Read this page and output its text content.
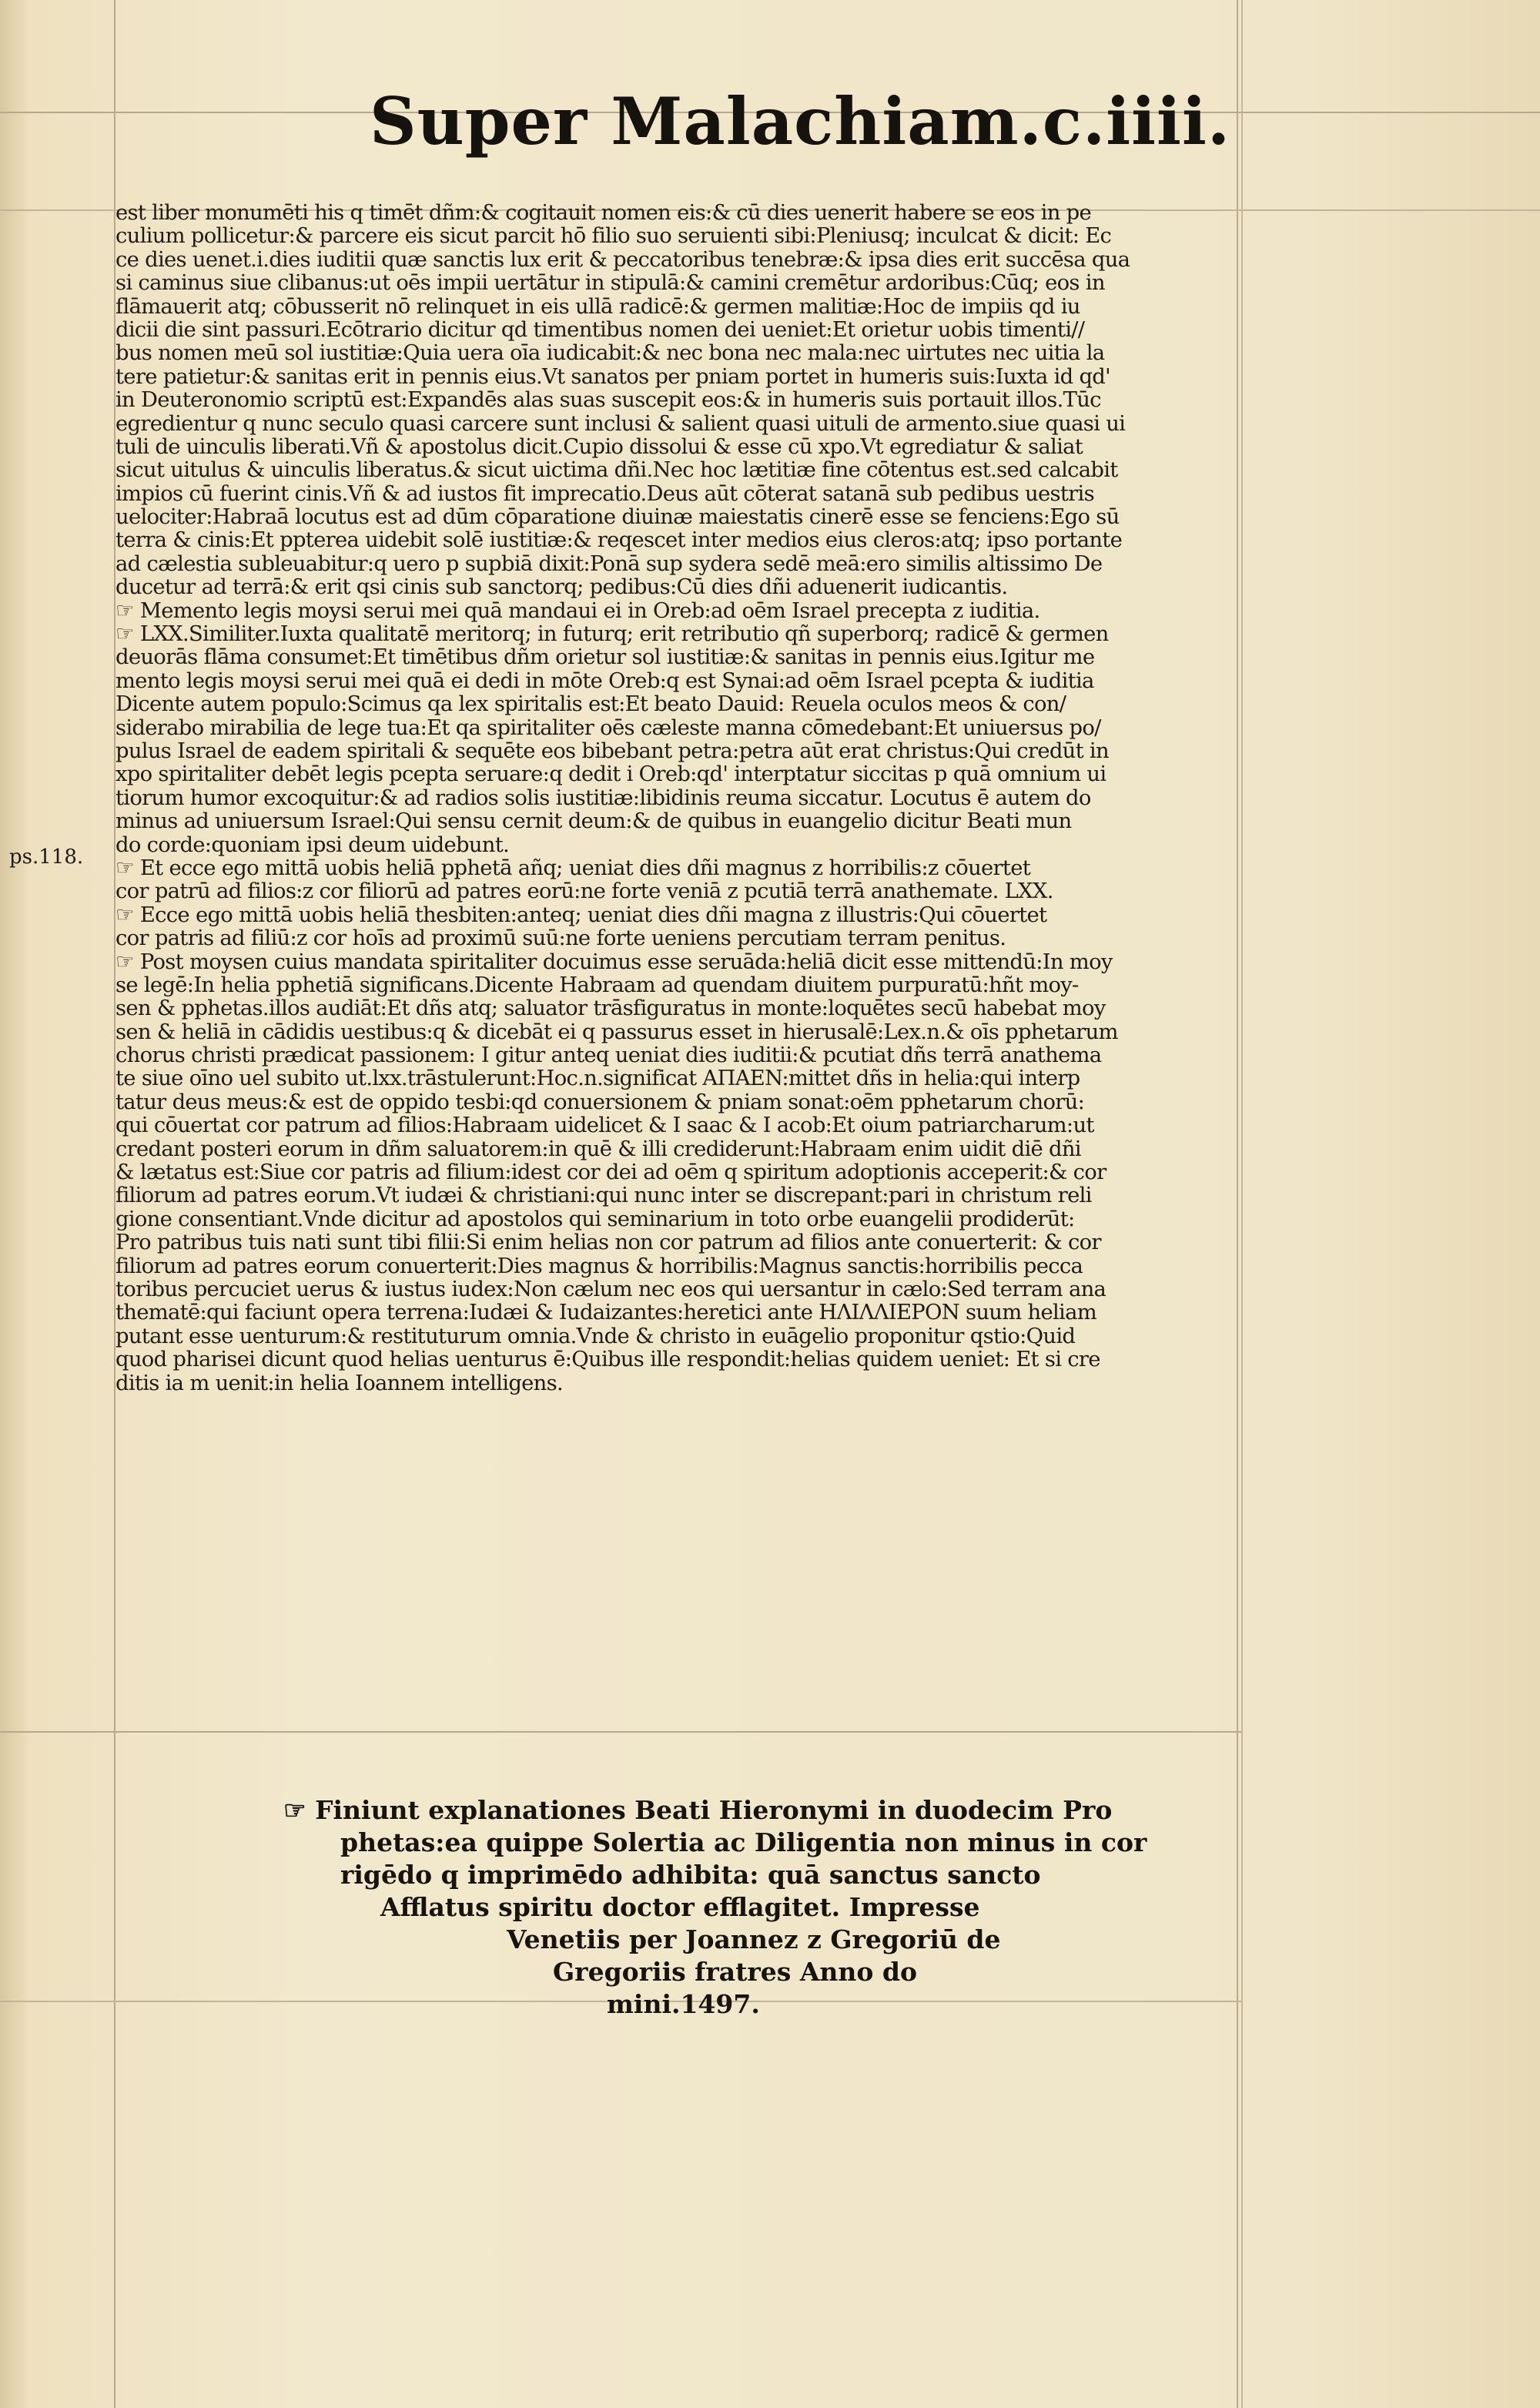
Super Malachiam.c.iiii.
ps.118.
est liber monumēti his q timēt dñm:& cogitauit nomen eis:& cū dies uenerit habere se eos in pe
culium pollicetur:& parcere eis sicut parcit hō filio suo seruienti sibi:Pleniusq; inculcat & dicit: Ec
ce dies uenet.i.dies iuditii quæ sanctis lux erit & peccatoribus tenebræ:& ipsa dies erit succēsa qua
si caminus siue clibanus:ut oēs impii uertātur in stipulā:& camini cremētur ardoribus:Cūq; eos in
flāmauerit atq; cōbusserit nō relinquet in eis ullā radicē:& germen malitiæ:Hoc de impiis qd iu
dicii die sint passuri.Ecōtrario dicitur qd timentibus nomen dei ueniet:Et orietur uobis timenti//
bus nomen meū sol iustitiæ:Quia uera oīa iudicabit:& nec bona nec mala:nec uirtutes nec uitia la
tere patietur:& sanitas erit in pennis eius.Vt sanatos per pniam portet in humeris suis:Iuxta id qd'
in Deuteronomio scriptū est:Expandēs alas suas suscepit eos:& in humeris suis portauit illos.Tūc
egredientur q nunc seculo quasi carcere sunt inclusi & salient quasi uituli de armento.siue quasi ui
tuli de uinculis liberati.Vñ & apostolus dicit.Cupio dissolui & esse cū xpo.Vt egrediatur & saliat
sicut uitulus & uinculis liberatus.& sicut uictima dñi.Nec hoc lætitiæ fine cōtentus est.sed calcabit
impios cū fuerint cinis.Vñ & ad iustos fit imprecatio.Deus aūt cōterat satanā sub pedibus uestris
uelociter:Habraā locutus est ad dūm cōparatione diuinæ maiestatis cinerē esse se fenciens:Ego sū
terra & cinis:Et ppterea uidebit solē iustitiæ:& reqescet inter medios eius cleros:atq; ipso portante
ad cælestia subleuabitur:q uero p supbiā dixit:Ponā sup sydera sedē meā:ero similis altissimo De
ducetur ad terrā:& erit qsi cinis sub sanctorq; pedibus:Cū dies dñi aduenerit iudicantis.
☞ Memento legis moysi serui mei quā mandaui ei in Oreb:ad oēm Israel precepta z iuditia.
☞ LXX.Similiter.Iuxta qualitatē meritorq; in futurq; erit retributio qñ superborq; radicē & germen
deuorās flāma consumet:Et timētibus dñm orietur sol iustitiæ:& sanitas in pennis eius.Igitur me
mento legis moysi serui mei quā ei dedi in mōte Oreb:q est Synai:ad oēm Israel pcepta & iuditia
Dicente autem populo:Scimus qa lex spiritalis est:Et beato Dauid: Reuela oculos meos & con/
siderabo mirabilia de lege tua:Et qa spiritaliter oēs cæleste manna cōmedebant:Et uniuersus po/
pulus Israel de eadem spiritali & sequēte eos bibebant petra:petra aūt erat christus:Qui credūt in
xpo spiritaliter debēt legis pcepta seruare:q dedit i Oreb:qd' interptatur siccitas p quā omnium ui
tiorum humor excoquitur:& ad radios solis iustitiæ:libidinis reuma siccatur. Locutus ē autem do
minus ad uniuersum Israel:Qui sensu cernit deum:& de quibus in euangelio dicitur Beati mun
do corde:quoniam ipsi deum uidebunt.
☞ Et ecce ego mittā uobis heliā pphetā añq; ueniat dies dñi magnus z horribilis:z cōuertet
cor patrū ad filios:z cor filiorū ad patres eorū:ne forte veniā z pcutiā terrā anathemate. LXX.
☞ Ecce ego mittā uobis heliā thesbiten:anteq; ueniat dies dñi magna z illustris:Qui cōuertet
cor patris ad filiū:z cor hoīs ad proximū suū:ne forte ueniens percutiam terram penitus.
☞ Post moysen cuius mandata spiritaliter docuimus esse seruāda:heliā dicit esse mittendū:In moy
se legē:In helia pphetiā significans.Dicente Habraam ad quendam diuitem purpuratū:hñt moy-
sen & pphetas.illos audiāt:Et dñs atq; saluator trāsfiguratus in monte:loquētes secū habebat moy
sen & heliā in cādidis uestibus:q & dicebāt ei q passurus esset in hierusalē:Lex.n.& oīs pphetarum
chorus christi prædicat passionem: I gitur anteq ueniat dies iuditii:& pcutiat dñs terrā anathema
te siue oīno uel subito ut.lxx.trāstulerunt:Hoc.n.significat AΠAEN:mittet dñs in helia:qui interp
tatur deus meus:& est de oppido tesbi:qd conuersionem & pniam sonat:oēm pphetarum chorū:
qui cōuertat cor patrum ad filios:Habraam uidelicet & I saac & I acob:Et oium patriarcharum:ut
credant posteri eorum in dñm saluatorem:in quē & illi crediderunt:Habraam enim uidit diē dñi
& lætatus est:Siue cor patris ad filium:idest cor dei ad oēm q spiritum adoptionis acceperit:& cor
filiorum ad patres eorum.Vt iudæi & christiani:qui nunc inter se discrepant:pari in christum reli
gione consentiant.Vnde dicitur ad apostolos qui seminarium in toto orbe euangelii prodiderūt:
Pro patribus tuis nati sunt tibi filii:Si enim helias non cor patrum ad filios ante conuerterit: & cor
filiorum ad patres eorum conuerterit:Dies magnus & horribilis:Magnus sanctis:horribilis pecca
toribus percuciet uerus & iustus iudex:Non cælum nec eos qui uersantur in cælo:Sed terram ana
thematē:qui faciunt opera terrena:Iudæi & Iudaizantes:heretici ante ΗΛΙΛΛΙΕΡΟΝ suum heliam
putant esse uenturum:& restituturum omnia.Vnde & christo in euāgelio proponitur qstio:Quid
quod pharisei dicunt quod helias uenturus ē:Quibus ille respondit:helias quidem ueniet: Et si cre
ditis ia m uenit:in helia Ioannem intelligens.
☞ Finiunt explanationes Beati Hieronymi in duodecim Pro
phetas:ea quippe Solertia ac Diligentia non minus in cor
rigēdo q imprimēdo adhibita: quā sanctus sancto
Afflatus spiritu doctor efflagitet. Impresse
Venetiis per Joannez z Gregoriū de
Gregoriis fratres Anno do
mini.1497.
